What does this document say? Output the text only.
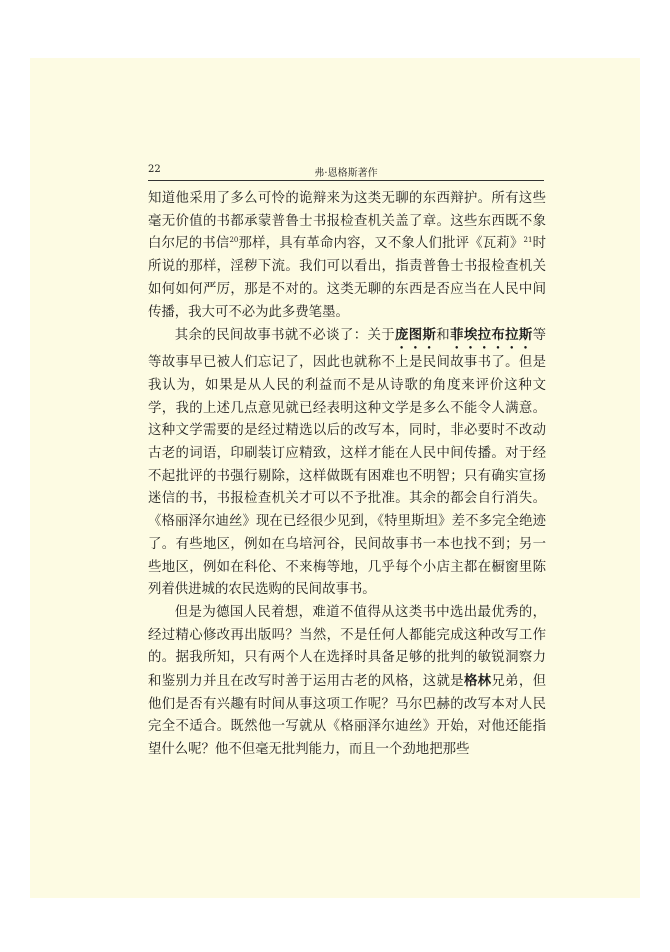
22	弗·恩格斯著作

知道他采用了多么可怜的诡辩来为这类无聊的东西辩护。所有这些毫无价值的书都承蒙普鲁士书报检查机关盖了章。这些东西既不象白尔尼的书信$^{20}$那样，具有革命内容，又不象人们批评《瓦莉》$^{21}$时所说的那样，淫秽下流。我们可以看出，指责普鲁士书报检查机关如何如何严厉，那是不对的。这类无聊的东西是否应当在人民中间传播，我大可不必为此多费笔墨。

其余的民间故事书就不必谈了：关于庞图斯和菲埃拉布拉斯等等故事早已被人们忘记了，因此也就称不上是民间故事书了。但是我认为，如果是从人民的利益而不是从诗歌的角度来评价这种文学，我的上述几点意见就已经表明这种文学是多么不能令人满意。这种文学需要的是经过精选以后的改写本，同时，非必要时不改动古老的词语，印刷装订应精致，这样才能在人民中间传播。对于经不起批评的书强行剔除，这样做既有困难也不明智；只有确实宣扬迷信的书，书报检查机关才可以不予批准。其余的都会自行消失。《格丽泽尔迪丝》现在已经很少见到，《特里斯坦》差不多完全绝迹了。有些地区，例如在乌培河谷，民间故事书一本也找不到；另一些地区，例如在科伦、不来梅等地，几乎每个小店主都在橱窗里陈列着供进城的农民选购的民间故事书。

但是为德国人民着想，难道不值得从这类书中选出最优秀的，经过精心修改再出版吗？当然，不是任何人都能完成这种改写工作的。据我所知，只有两个人在选择时具备足够的批判的敏锐洞察力和鉴别力并且在改写时善于运用古老的风格，这就是格林兄弟，但他们是否有兴趣有时间从事这项工作呢？马尔巴赫的改写本对人民完全不适合。既然他一写就从《格丽泽尔迪丝》开始，对他还能指望什么呢？他不但毫无批判能力，而且一个劲地把那些
